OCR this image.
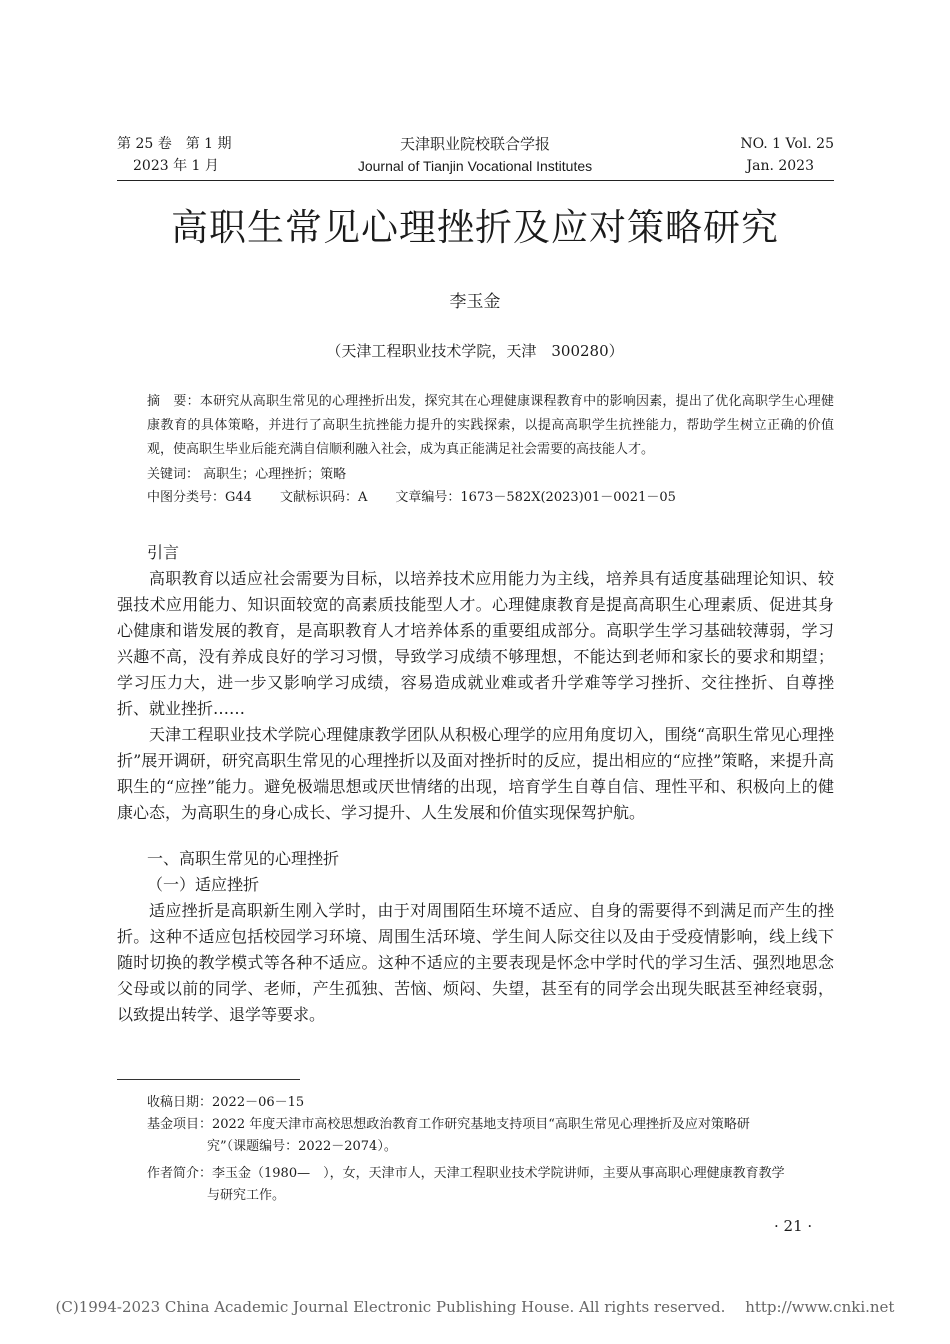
第 25 卷　第 1 期
2023 年 1 月
天津职业院校联合学报
Journal of Tianjin Vocational Institutes
NO. 1 Vol. 25
Jan. 2023
高职生常见心理挫折及应对策略研究
李玉金
（天津工程职业技术学院，天津　300280）
摘　要：本研究从高职生常见的心理挫折出发，探究其在心理健康课程教育中的影响因素，提出了优化高职学生心理健康教育的具体策略，并进行了高职生抗挫能力提升的实践探索，以提高高职学生抗挫能力，帮助学生树立正确的价值观，使高职生毕业后能充满自信顺利融入社会，成为真正能满足社会需要的高技能人才。
关键词： 高职生；心理挫折；策略
中图分类号：G44 文献标识码：A 文章编号：1673－582X(2023)01－0021－05
引言

高职教育以适应社会需要为目标，以培养技术应用能力为主线，培养具有适度基础理论知识、较强技术应用能力、知识面较宽的高素质技能型人才。心理健康教育是提高高职生心理素质、促进其身心健康和谐发展的教育，是高职教育人才培养体系的重要组成部分。高职学生学习基础较薄弱，学习兴趣不高，没有养成良好的学习习惯，导致学习成绩不够理想，不能达到老师和家长的要求和期望；学习压力大，进一步又影响学习成绩，容易造成就业难或者升学难等学习挫折、交往挫折、自尊挫折、就业挫折……

天津工程职业技术学院心理健康教学团队从积极心理学的应用角度切入，围绕“高职生常见心理挫折”展开调研，研究高职生常见的心理挫折以及面对挫折时的反应，提出相应的“应挫”策略，来提升高职生的“应挫”能力。避免极端思想或厌世情绪的出现，培育学生自尊自信、理性平和、积极向上的健康心态，为高职生的身心成长、学习提升、人生发展和价值实现保驾护航。

一、高职生常见的心理挫折
（一）适应挫折

适应挫折是高职新生刚入学时，由于对周围陌生环境不适应、自身的需要得不到满足而产生的挫折。这种不适应包括校园学习环境、周围生活环境、学生间人际交往以及由于受疫情影响，线上线下随时切换的教学模式等各种不适应。这种不适应的主要表现是怀念中学时代的学习生活、强烈地思念父母或以前的同学、老师，产生孤独、苦恼、烦闷、失望，甚至有的同学会出现失眠甚至神经衰弱，以致提出转学、退学等要求。

收稿日期：2022－06－15
基金项目：2022 年度天津市高校思想政治教育工作研究基地支持项目“高职生常见心理挫折及应对策略研
究”（课题编号：2022－2074）。
作者简介：李玉金（1980—　），女，天津市人，天津工程职业技术学院讲师，主要从事高职心理健康教育教学
与研究工作。
· 21 ·
(C)1994-2023 China Academic Journal Electronic Publishing House. All rights reserved.　 http://www.cnki.net
